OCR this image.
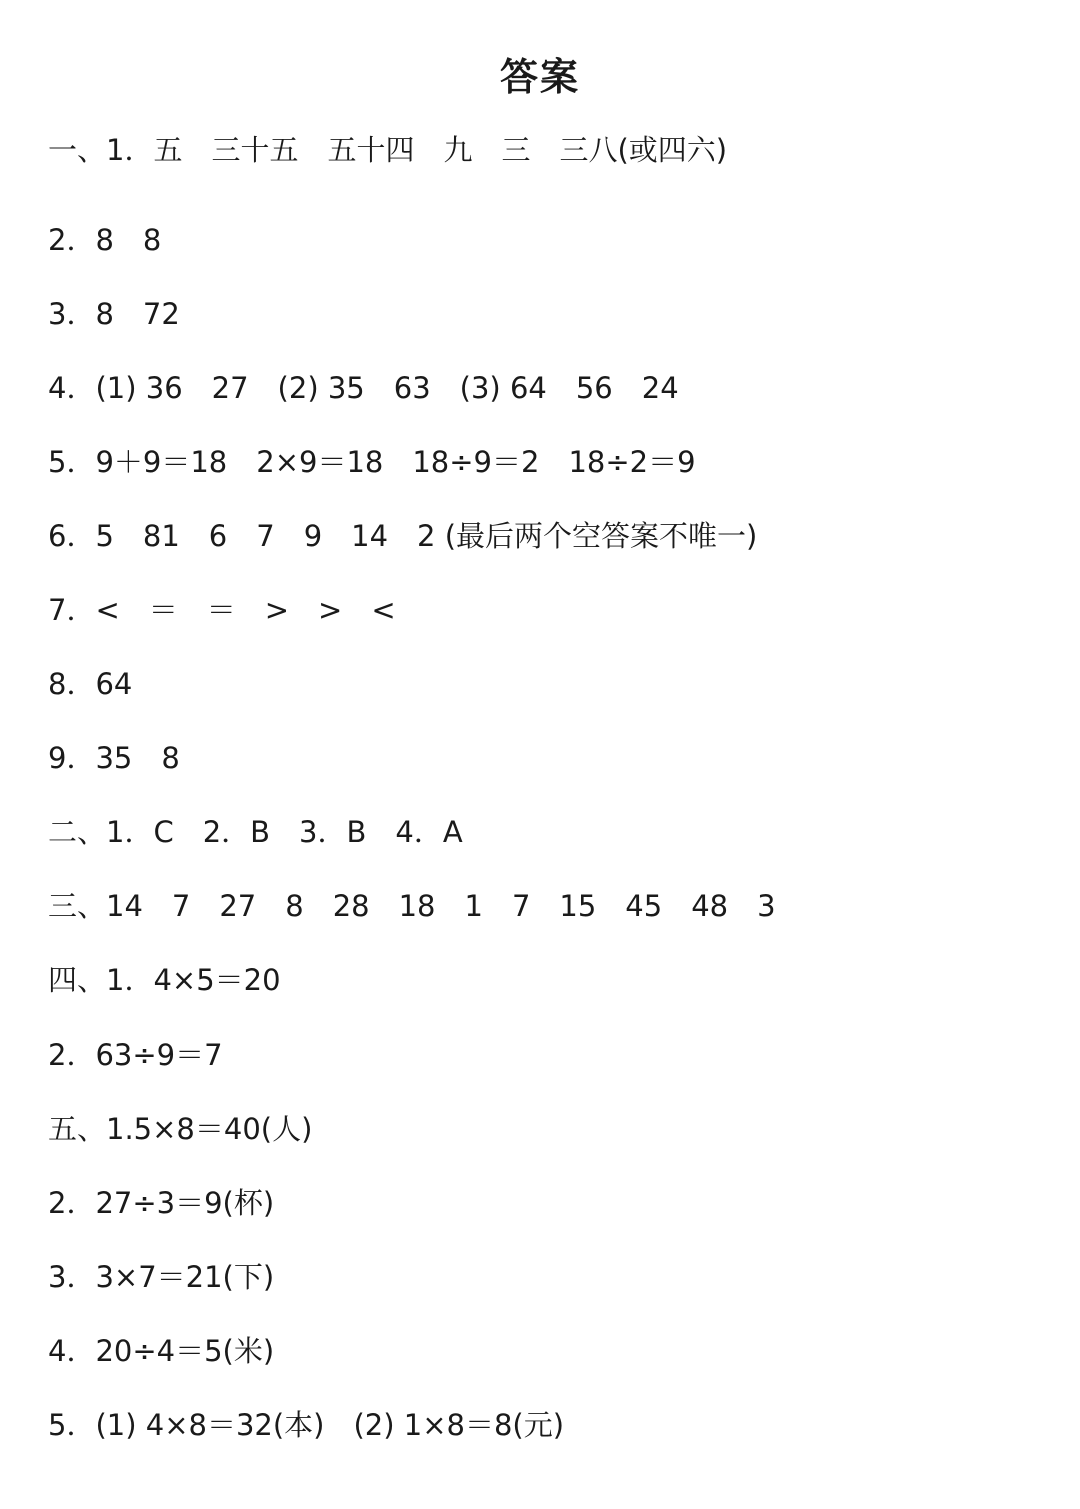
答案
一、1．五　三十五　五十四　九　三　三八(或四六)
2．8　8
3．8　72
4．(1) 36　27　(2) 35　63　(3) 64　56　24
5．9＋9＝18　2×9＝18　18÷9＝2　18÷2＝9
6．5　81　6　7　9　14　2 (最后两个空答案不唯一)
7．<　＝　＝　>　>　<
8．64
9．35　8
二、1．C　2．B　3．B　4．A
三、14　7　27　8　28　18　1　7　15　45　48　3
四、1．4×5＝20
2．63÷9＝7
五、1.5×8＝40(人)
2．27÷3＝9(杯)
3．3×7＝21(下)
4．20÷4＝5(米)
5．(1) 4×8＝32(本)　(2) 1×8＝8(元)
